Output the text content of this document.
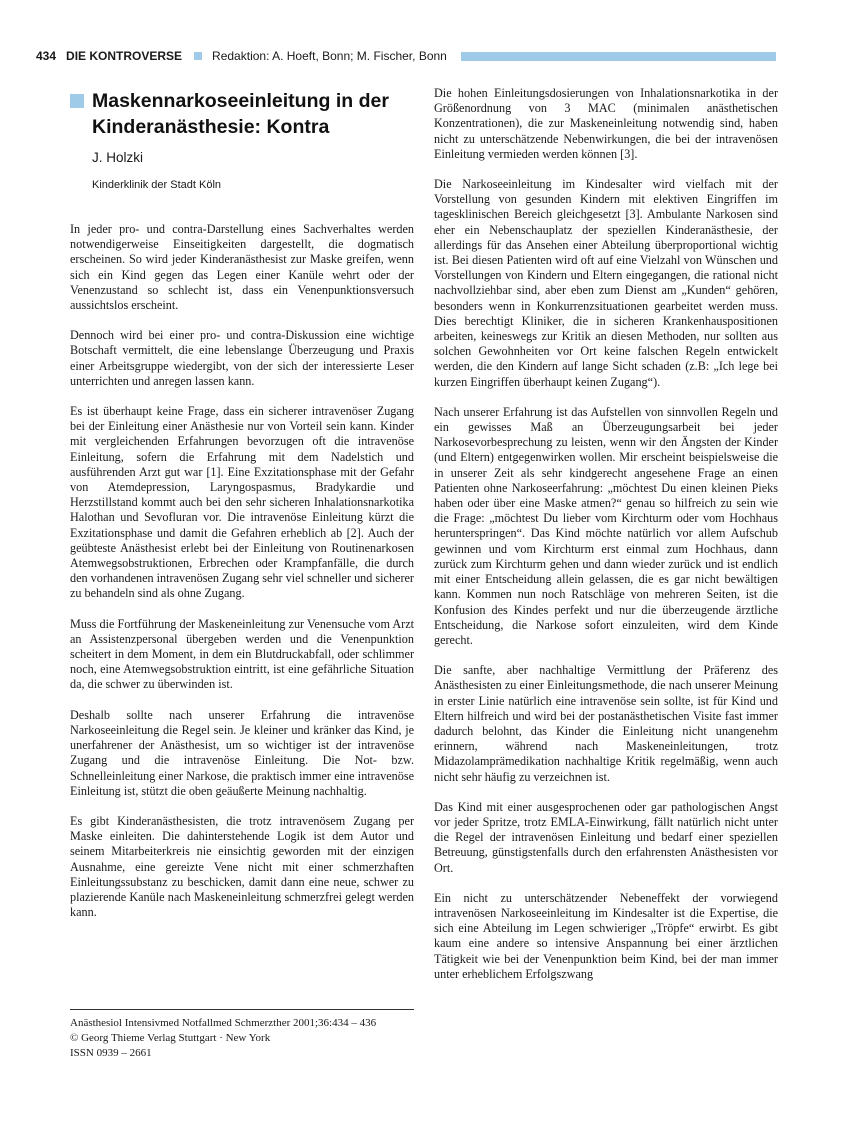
434 DIE KONTROVERSE	Redaktion: A. Hoeft, Bonn; M. Fischer, Bonn
Maskennarkoseeinleitung in der Kinderanästhesie: Kontra
J. Holzki
Kinderklinik der Stadt Köln

In jeder pro- und contra-Darstellung eines Sachverhaltes werden notwendigerweise Einseitigkeiten dargestellt, die dogmatisch erscheinen. So wird jeder Kinderanästhesist zur Maske greifen, wenn sich ein Kind gegen das Legen einer Kanüle wehrt oder der Venenzustand so schlecht ist, dass ein Venenpunktionsversuch aussichtslos erscheint.

Dennoch wird bei einer pro- und contra-Diskussion eine wichtige Botschaft vermittelt, die eine lebenslange Überzeugung und Praxis einer Arbeitsgruppe wiedergibt, von der sich der interessierte Leser unterrichten und anregen lassen kann.

Es ist überhaupt keine Frage, dass ein sicherer intravenöser Zugang bei der Einleitung einer Anästhesie nur von Vorteil sein kann. Kinder mit vergleichenden Erfahrungen bevorzugen oft die intravenöse Einleitung, sofern die Erfahrung mit dem Nadelstich und ausführenden Arzt gut war [1]. Eine Exzitationsphase mit der Gefahr von Atemdepression, Laryngospasmus, Bradykardie und Herzstillstand kommt auch bei den sehr sicheren Inhalationsnarkotika Halothan und Sevofluran vor. Die intravenöse Einleitung kürzt die Exzitationsphase und damit die Gefahren erheblich ab [2]. Auch der geübteste Anästhesist erlebt bei der Einleitung von Routinenarkosen Atemwegsobstruktionen, Erbrechen oder Krampfanfälle, die durch den vorhandenen intravenösen Zugang sehr viel schneller und sicherer zu behandeln sind als ohne Zugang.

Muss die Fortführung der Maskeneinleitung zur Venensuche vom Arzt an Assistenzpersonal übergeben werden und die Venenpunktion scheitert in dem Moment, in dem ein Blutdruckabfall, oder schlimmer noch, eine Atemwegsobstruktion eintritt, ist eine gefährliche Situation da, die schwer zu überwinden ist.

Deshalb sollte nach unserer Erfahrung die intravenöse Narkoseeinleitung die Regel sein. Je kleiner und kränker das Kind, je unerfahrener der Anästhesist, um so wichtiger ist der intravenöse Zugang und die intravenöse Einleitung. Die Not- bzw. Schnelleinleitung einer Narkose, die praktisch immer eine intravenöse Einleitung ist, stützt die oben geäußerte Meinung nachhaltig.

Es gibt Kinderanästhesisten, die trotz intravenösem Zugang per Maske einleiten. Die dahinterstehende Logik ist dem Autor und seinem Mitarbeiterkreis nie einsichtig geworden mit der einzigen Ausnahme, eine gereizte Vene nicht mit einer schmerzhaften Einleitungssubstanz zu beschicken, damit dann eine neue, schwer zu plazierende Kanüle nach Maskeneinleitung schmerzfrei gelegt werden kann.

Die hohen Einleitungsdosierungen von Inhalationsnarkotika in der Größenordnung von 3 MAC (minimalen anästhetischen Konzentrationen), die zur Maskeneinleitung notwendig sind, haben nicht zu unterschätzende Nebenwirkungen, die bei der intravenösen Einleitung vermieden werden können [3].

Die Narkoseeinleitung im Kindesalter wird vielfach mit der Vorstellung von gesunden Kindern mit elektiven Eingriffen im tagesklinischen Bereich gleichgesetzt [3]. Ambulante Narkosen sind eher ein Nebenschauplatz der speziellen Kinderanästhesie, der allerdings für das Ansehen einer Abteilung überproportional wichtig ist. Bei diesen Patienten wird oft auf eine Vielzahl von Wünschen und Vorstellungen von Kindern und Eltern eingegangen, die rational nicht nachvollziehbar sind, aber eben zum Dienst am „Kunden“ gehören, besonders wenn in Konkurrenzsituationen gearbeitet werden muss. Dies berechtigt Kliniker, die in sicheren Krankenhauspositionen arbeiten, keineswegs zur Kritik an diesen Methoden, nur sollten aus solchen Gewohnheiten vor Ort keine falschen Regeln entwickelt werden, die den Kindern auf lange Sicht schaden (z.B: „Ich lege bei kurzen Eingriffen überhaupt keinen Zugang“).

Nach unserer Erfahrung ist das Aufstellen von sinnvollen Regeln und ein gewisses Maß an Überzeugungsarbeit bei jeder Narkosevorbesprechung zu leisten, wenn wir den Ängsten der Kinder (und Eltern) entgegenwirken wollen. Mir erscheint beispielsweise die in unserer Zeit als sehr kindgerecht angesehene Frage an einen Patienten ohne Narkoseerfahrung: „möchtest Du einen kleinen Pieks haben oder über eine Maske atmen?“ genau so hilfreich zu sein wie die Frage: „möchtest Du lieber vom Kirchturm oder vom Hochhaus herunterspringen“. Das Kind möchte natürlich vor allem Aufschub gewinnen und vom Kirchturm erst einmal zum Hochhaus, dann zurück zum Kirchturm gehen und dann wieder zurück und ist endlich mit einer Entscheidung allein gelassen, die es gar nicht bewältigen kann. Kommen nun noch Ratschläge von mehreren Seiten, ist die Konfusion des Kindes perfekt und nur die überzeugende ärztliche Entscheidung, die Narkose sofort einzuleiten, wird dem Kinde gerecht.

Die sanfte, aber nachhaltige Vermittlung der Präferenz des Anästhesisten zu einer Einleitungsmethode, die nach unserer Meinung in erster Linie natürlich eine intravenöse sein sollte, ist für Kind und Eltern hilfreich und wird bei der postanästhetischen Visite fast immer dadurch belohnt, das Kinder die Einleitung nicht unangenehm erinnern, während nach Maskeneinleitungen, trotz Midazolamprämedikation nachhaltige Kritik regelmäßig, wenn auch nicht sehr häufig zu verzeichnen ist.

Das Kind mit einer ausgesprochenen oder gar pathologischen Angst vor jeder Spritze, trotz EMLA-Einwirkung, fällt natürlich nicht unter die Regel der intravenösen Einleitung und bedarf einer speziellen Betreuung, günstigstenfalls durch den erfahrensten Anästhesisten vor Ort.

Ein nicht zu unterschätzender Nebeneffekt der vorwiegend intravenösen Narkoseeinleitung im Kindesalter ist die Expertise, die sich eine Abteilung im Legen schwieriger „Tröpfe“ erwirbt. Es gibt kaum eine andere so intensive Anspannung bei einer ärztlichen Tätigkeit wie bei der Venenpunktion beim Kind, bei der man immer unter erheblichem Erfolgszwang

Anästhesiol Intensivmed Notfallmed Schmerzther 2001;36:434 – 436
© Georg Thieme Verlag Stuttgart · New York
ISSN 0939 – 2661
